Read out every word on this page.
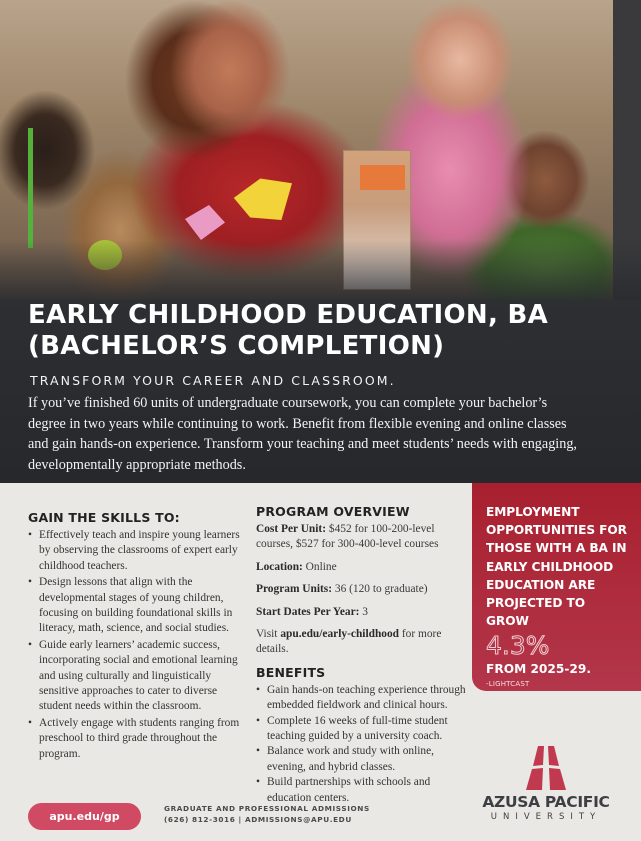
EARLY CHILDHOOD EDUCATION, BA
(BACHELOR’S COMPLETION)
TRANSFORM YOUR CAREER AND CLASSROOM.

If you’ve finished 60 units of undergraduate coursework, you can complete your bachelor’s degree in two years while continuing to work. Benefit from flexible evening and online classes and gain hands-on experience. Transform your teaching and meet students’ needs with engaging, developmentally appropriate methods.

GAIN THE SKILLS TO:
• Effectively teach and inspire young learners by observing the classrooms of expert early childhood teachers.
• Design lessons that align with the developmental stages of young children, focusing on building foundational skills in literacy, math, science, and social studies.
• Guide early learners’ academic success, incorporating social and emotional learning and using culturally and linguistically sensitive approaches to cater to diverse student needs within the classroom.
• Actively engage with students ranging from preschool to third grade throughout the program.
PROGRAM OVERVIEW

Cost Per Unit: $452 for 100-200-level courses, $527 for 300-400-level courses

Location: Online

Program Units: 36 (120 to graduate)

Start Dates Per Year: 3

Visit apu.edu/early-childhood for more details.

BENEFITS
• Gain hands-on teaching experience through embedded fieldwork and clinical hours.
• Complete 16 weeks of full-time student teaching guided by a university coach.
• Balance work and study with online, evening, and hybrid classes.
• Build partnerships with schools and education centers.
EMPLOYMENT OPPORTUNITIES FOR THOSE WITH A BA IN EARLY CHILDHOOD EDUCATION ARE PROJECTED TO GROW
4.3%
FROM 2025-29.
-LIGHTCAST
apu.edu/gp
GRADUATE AND PROFESSIONAL ADMISSIONS
(626) 812-3016 | ADMISSIONS@APU.EDU
AZUSA PACIFIC
UNIVERSITY
